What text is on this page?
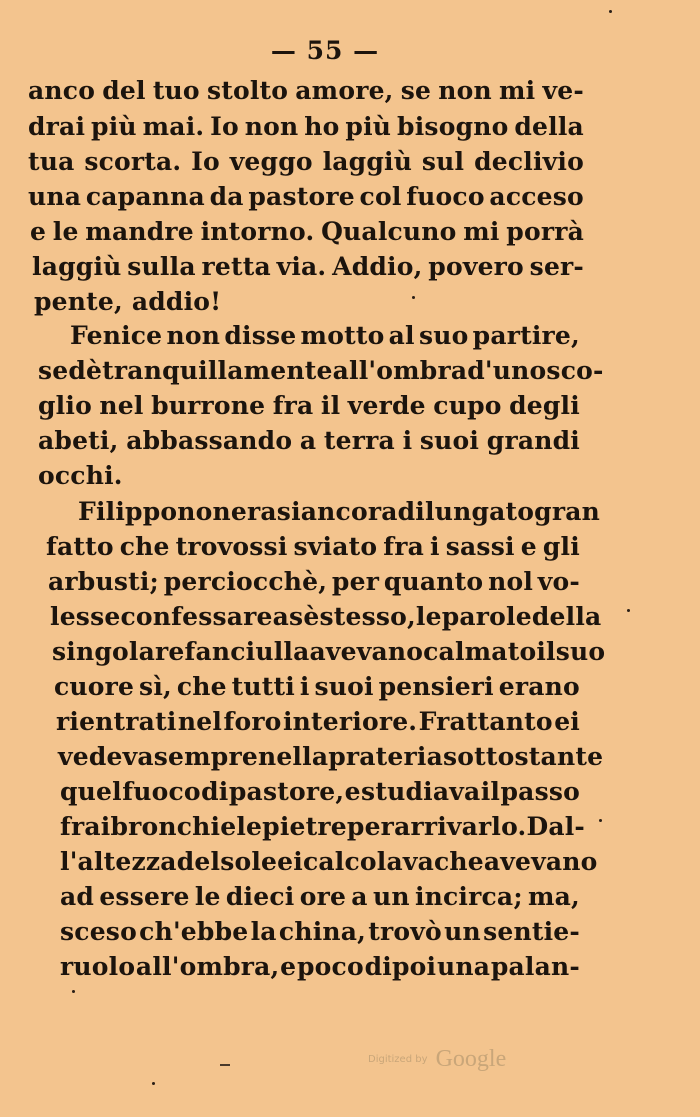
— 55 —
anco del tuo stolto amore, se non mi ve-
drai più mai. Io non ho più bisogno della
tua scorta. Io veggo laggiù sul declivio
una capanna da pastore col fuoco acceso
e le mandre intorno. Qualcuno mi porrà
laggiù sulla retta via. Addio, povero ser-
pente, addio!
Fenice non disse motto al suo partire,
sedè tranquillamente all' ombra d'uno sco-
glio nel burrone fra il verde cupo degli
abeti, abbassando a terra i suoi grandi
occhi.
Filippo non erasi ancora dilungato gran
fatto che trovossi sviato fra i sassi e gli
arbusti; perciocchè, per quanto nol vo-
lesse confessare a sè stesso, le parole della
singolare fanciulla avevano calmato il suo
cuore sì, che tutti i suoi pensieri erano
rientrati nel foro interiore. Frattanto ei
vedeva sempre nella prateria sottostante
quel fuoco di pastore, e studiava il passo
fra i bronchi e le pietre per arrivarlo. Dal-
l'altezza del sole ei calcolava che avevano
ad essere le dieci ore a un incirca; ma,
sceso ch'ebbe la china, trovò un sentie-
ruolo all'ombra, e poco dipoi una palan-
Digitized by Google
